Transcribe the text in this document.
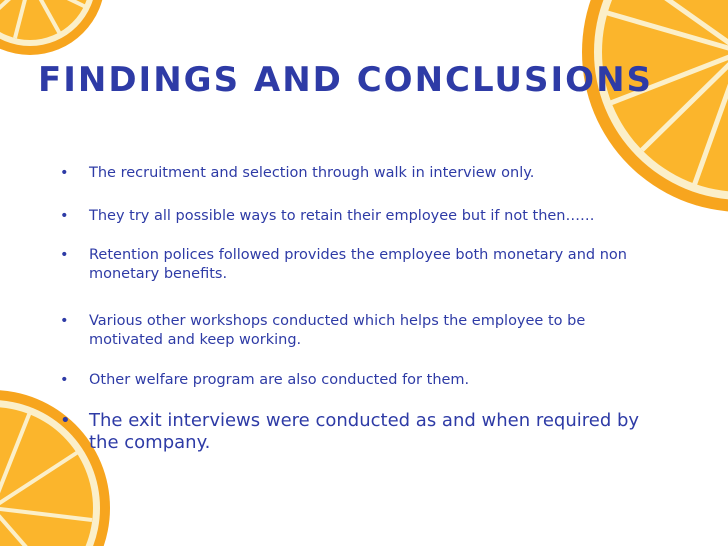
FINDINGS AND CONCLUSIONS
• The recruitment and selection through walk in interview only.
• They try all possible ways to retain their employee but if not then……
• Retention polices followed provides the employee both monetary and non monetary benefits.
• Various other workshops conducted which helps the employee to be motivated and keep working.
• Other welfare program are also conducted for them.
• The exit interviews were conducted as and when required by the company.
